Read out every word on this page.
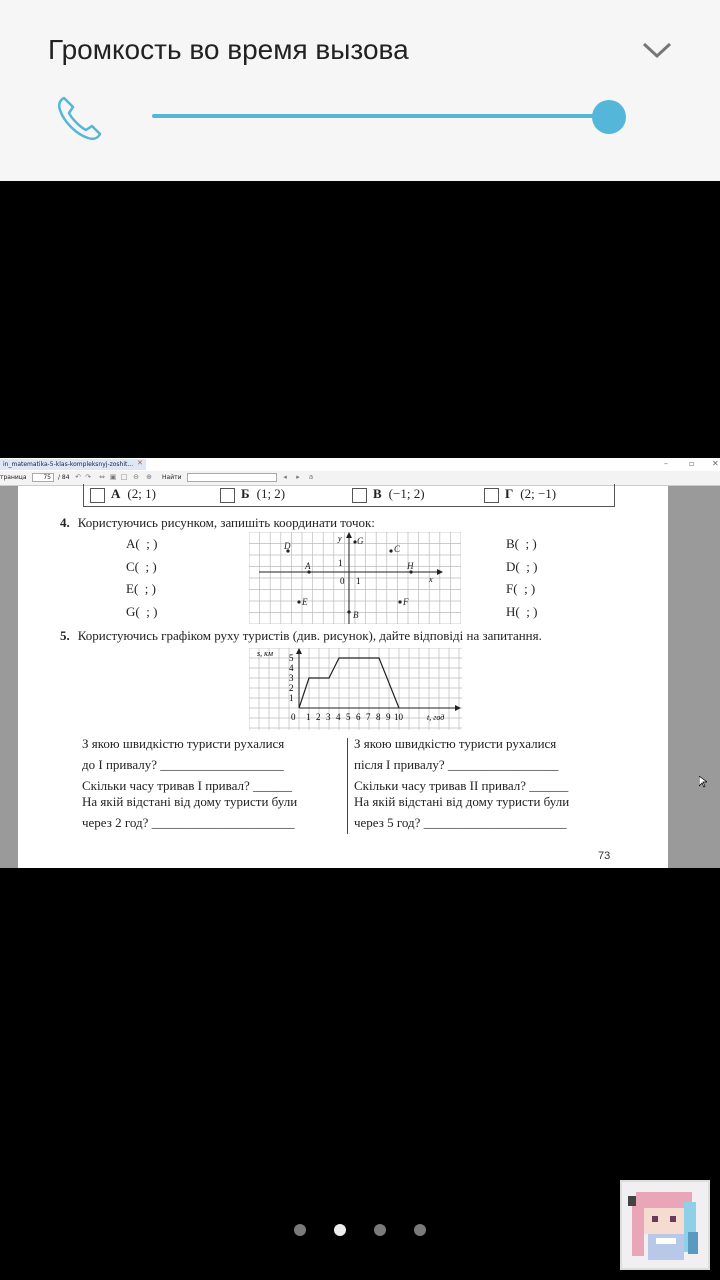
Громкость во время вызова
in_matematika-5-klas-kompleksnyj-zoshit... ✕	–	▫ ✕
траница	75	/ 84 ↶ ↷ ⇔ ▣ □ ⊖ ⊕ Найти	◂	▸	a
А (2; 1)	Б (1; 2)	В (−1; 2)	Г (2; −1)
4. Користуючись рисунком, запишіть координати точок:
A( ; )
C( ; )
E( ; )
G( ; )
B( ; )
D( ; )
F( ; )
H( ; )
x
y
0 1
1
D
A
G
C
H
E
B
F
5. Користуючись графіком руху туристів (див. рисунок), дайте відповіді на запитання.
s, км
t, год
1
2
3
4
5
0 1 2 3 4 5 6 7 8 9 10
З якою швидкістю туристи рухалися
до І привалу? ___________________
Скільки часу тривав І привал? ______
На якій відстані від дому туристи були
через 2 год? ______________________
З якою швидкістю туристи рухалися
після І привалу? _________________
Скільки часу тривав ІІ привал? ______
На якій відстані від дому туристи були
через 5 год? ______________________
73
